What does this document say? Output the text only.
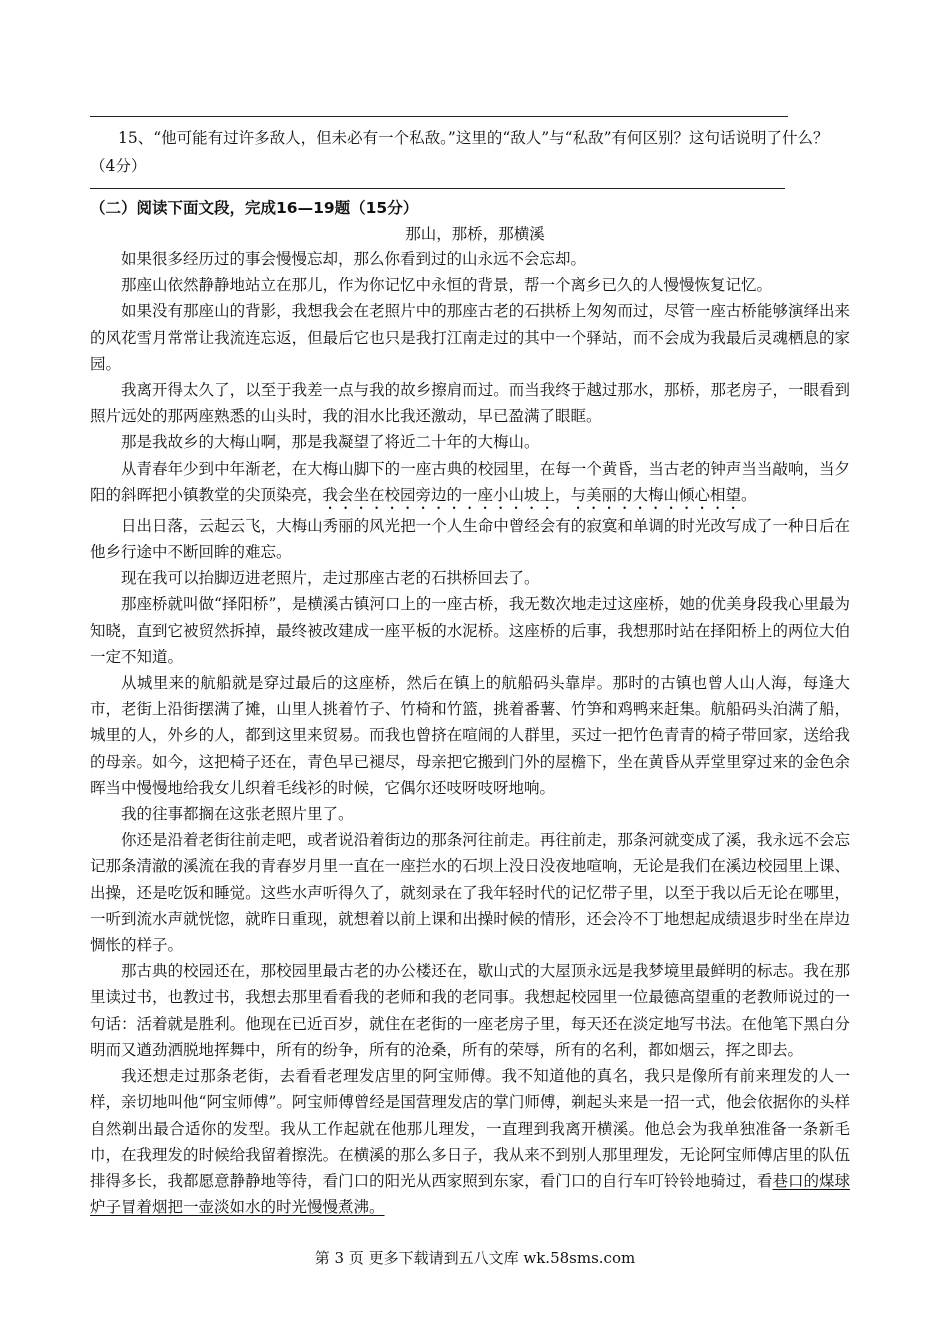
15、“他可能有过许多敌人，但未必有一个私敌。”这里的“敌人”与“私敌”有何区别？这句话说明了什么？（4分）
（二）阅读下面文段，完成16—19题（15分）
那山，那桥，那横溪

如果很多经历过的事会慢慢忘却，那么你看到过的山永远不会忘却。

那座山依然静静地站立在那儿，作为你记忆中永恒的背景，帮一个离乡已久的人慢慢恢复记忆。

如果没有那座山的背影，我想我会在老照片中的那座古老的石拱桥上匆匆而过，尽管一座古桥能够演绎出来的风花雪月常常让我流连忘返，但最后它也只是我打江南走过的其中一个驿站，而不会成为我最后灵魂栖息的家园。

我离开得太久了，以至于我差一点与我的故乡擦肩而过。而当我终于越过那水，那桥，那老房子，一眼看到照片远处的那两座熟悉的山头时，我的泪水比我还激动，早已盈满了眼眶。

那是我故乡的大梅山啊，那是我凝望了将近二十年的大梅山。

从青春年少到中年渐老，在大梅山脚下的一座古典的校园里，在每一个黄昏，当古老的钟声当当敲响，当夕阳的斜晖把小镇教堂的尖顶染亮，我会坐在校园旁边的一座小山坡上，与美丽的大梅山倾心相望。

日出日落，云起云飞，大梅山秀丽的风光把一个人生命中曾经会有的寂寞和单调的时光改写成了一种日后在他乡行途中不断回眸的难忘。

现在我可以抬脚迈进老照片，走过那座古老的石拱桥回去了。

那座桥就叫做“择阳桥”，是横溪古镇河口上的一座古桥，我无数次地走过这座桥，她的优美身段我心里最为知晓，直到它被贸然拆掉，最终被改建成一座平板的水泥桥。这座桥的后事，我想那时站在择阳桥上的两位大伯一定不知道。

从城里来的航船就是穿过最后的这座桥，然后在镇上的航船码头靠岸。那时的古镇也曾人山人海，每逢大市，老街上沿街摆满了摊，山里人挑着竹子、竹椅和竹篮，挑着番薯、竹笋和鸡鸭来赶集。航船码头泊满了船，城里的人，外乡的人，都到这里来贸易。而我也曾挤在喧闹的人群里，买过一把竹色青青的椅子带回家，送给我的母亲。如今，这把椅子还在，青色早已褪尽，母亲把它搬到门外的屋檐下，坐在黄昏从弄堂里穿过来的金色余晖当中慢慢地给我女儿织着毛线衫的时候，它偶尔还吱呀吱呀地响。

我的往事都搁在这张老照片里了。

你还是沿着老街往前走吧，或者说沿着街边的那条河往前走。再往前走，那条河就变成了溪，我永远不会忘记那条清澈的溪流在我的青春岁月里一直在一座拦水的石坝上没日没夜地喧响，无论是我们在溪边校园里上课、出操，还是吃饭和睡觉。这些水声听得久了，就刻录在了我年轻时代的记忆带子里，以至于我以后无论在哪里，一听到流水声就恍惚，就昨日重现，就想着以前上课和出操时候的情形，还会冷不丁地想起成绩退步时坐在岸边惆怅的样子。

那古典的校园还在，那校园里最古老的办公楼还在，歇山式的大屋顶永远是我梦境里最鲜明的标志。我在那里读过书，也教过书，我想去那里看看我的老师和我的老同事。我想起校园里一位最德高望重的老教师说过的一句话：活着就是胜利。他现在已近百岁，就住在老街的一座老房子里，每天还在淡定地写书法。在他笔下黑白分明而又遒劲洒脱地挥舞中，所有的纷争，所有的沧桑，所有的荣辱，所有的名利，都如烟云，挥之即去。

我还想走过那条老街，去看看老理发店里的阿宝师傅。我不知道他的真名，我只是像所有前来理发的人一样，亲切地叫他“阿宝师傅”。阿宝师傅曾经是国营理发店的掌门师傅，剃起头来是一招一式，他会依据你的头样自然剃出最合适你的发型。我从工作起就在他那儿理发，一直理到我离开横溪。他总会为我单独准备一条新毛巾，在我理发的时候给我留着擦洗。在横溪的那么多日子，我从来不到别人那里理发，无论阿宝师傅店里的队伍排得多长，我都愿意静静地等待，看门口的阳光从西家照到东家，看门口的自行车叮铃铃地骑过，看巷口的煤球炉子冒着烟把一壶淡如水的时光慢慢煮沸。

第 3 页 更多下载请到五八文库 wk.58sms.com
